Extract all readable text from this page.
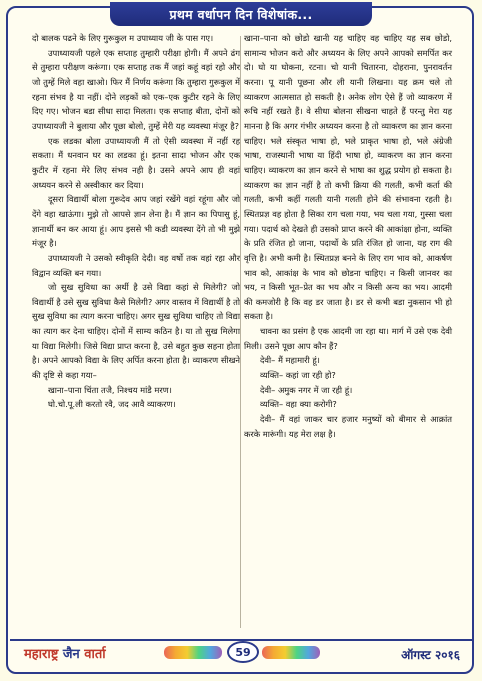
प्रथम वर्धापन दिन विशेषांक...

दो बालक पढने के लिए गुरूकुल म उपाध्याय जी के पास गए।

उपाध्यायजी पहले एक सप्ताह तुम्हारी परीक्षा होगी। मैं अपने ढंग से तुम्हारा परीक्षण करूंगा। एक सप्ताह तक मैं जहां कहूं वहां रहो और जो तुम्हें मिले वहा खाओ। फिर मैं निर्णय करूंगा कि तुम्हारा गुरूकुल में रहना संभव है या नहीं। दोने लड़कों को एक–एक कुटीर रहने के लिए दिए गए। भोजन बडा सीधा सादा मिलता। एक सप्ताह बीता, दोनों को उपाध्यायजी ने बुलाया और पूछा बोलो, तुम्हें मेरी यह व्यवस्था मंजूर है?

एक लडका बोला उपाध्यायजी मैं तो ऐसी व्यवस्था में नहीं रह सकता। मैं धनवान घर का लडका हूं। इतना सादा भोजन और एक कुटीर में रहना मेरे लिए संभव नही है। उसने अपने आप ही वहां अध्ययन करने से अस्वीकार कर दिया।

दूसरा विद्यार्थी बोला गुरूदेव आप जहां रखेंगे वहां रहूंगा और जो देंगे वहा खाऊंगा। मुझे तो आपसे ज्ञान लेना है। मैं ज्ञान का पिपासु हूं, ज्ञानार्थी बन कर आया हूं। आप इससे भी कडी व्यवस्था देंगे तो भी मुझे मंजूर है।

उपाध्यायजी ने उसको स्वीकृति देदी। वह वर्षो तक वहां रहा और विद्वान व्यक्ति बन गया।

जो सुख सुविधा का अर्थी है उसे विद्या कहां से मिलेगी? जो विद्यार्थी है उसे सुख सुविधा कैसे मिलेगी? अगर वास्तव में विद्यार्थी है तो सुख सुविधा का त्याग करना चाहिए। अगर सुख सुविधा चाहिए तो विद्या का त्याग कर देना चाहिए। दोनों में साम्य कठिन है। या तो सुख मिलेगा या विद्या मिलेगी। जिसे विद्या प्राप्त करना है, उसे बहुत कुछ सहना होता है। अपने आपको विद्या के लिए अर्पित करना होता है। व्याकरण सीखने की दृष्टि से कहा गया–

खाना–पाना चिंता तजै, निश्चय मांडै मरण।

घो.चो.पू.ली करतो रवै, जद आवै व्याकरण।

खाना–पाना को छोडो खानी यह चाहिए वह चाहिए यह सब छोडो, सामान्य भोजन करो और अध्ययन के लिए अपने आपको समर्पित कर दो। घो या घोकना, रटना। चो यानी चितारना, दोहराना, पुनरावर्तन करना। पू यानी पूछना और ली यानी लिखना। यह क्रम चले तो व्याकरण आत्मसात हो सकती है। अनेक लोग ऐसे हैं जो व्याकरण में रूचि नहीं रखते हैं। वे सीधा बोलना सीखना चाहते हैं परन्तु मेरा यह मानना है कि अगर गंभीर अध्ययन करना है तो व्याकरण का ज्ञान करना चाहिए। भले संस्कृत भाषा हो, भले प्राकृत भाषा हो, भले अंग्रेजी भाषा, राजस्थानी भाषा या हिंदी भाषा हो, व्याकरण का ज्ञान करना चाहिए। व्याकरण का ज्ञान करने से भाषा का शुद्ध प्रयोग हो सकता है। व्याकरण का ज्ञान नहीं है तो कभी क्रिया की गलती, कभी कर्ता की गलती, कभी कहीं गलती यानी गलती होने की संभावना रहती है। स्थितप्रज्ञ वह होता है सिका राग चला गया, भय चला गया, गुस्सा चला गया। पदार्थ को देखते ही उसको प्राप्त करने की आकांक्षा होना, व्यक्ति के प्रति रंजित हो जाना, पदार्थो के प्रति रंजित हो जाना, यह राग की वृत्ति है। अभी कमी है। स्थितप्रज्ञ बनने के लिए राग भाव को, आकर्षण भाव को, आकांक्ष के भाव को छोडना चाहिए। न किसी जानवर का भय, न किसी भूत–प्रेत का भय और न किसी अन्य का भय। आदमी की कमजोरी है कि वह डर जाता है। डर से कभी बडा नुकसान भी हो सकता है।

चावना का प्रसंग है एक आदमी जा रहा था। मार्ग में उसे एक देवी मिली। उसने पूछा आप कौन हैं?

देवी– मैं महामारी हूं।

व्यक्ति– कहां जा रही हो?

देवी– अमुक नगर में जा रही हूं।

व्यक्ति– वहा क्या करोगी?

देवी– मैं वहां जाकर चार हजार मनुष्यों को बीमार से आक्रांत करके मारूंगी। यह मेरा लक्ष है।

महाराष्ट्र जैन वार्ता	59	ऑगस्ट २०१६
